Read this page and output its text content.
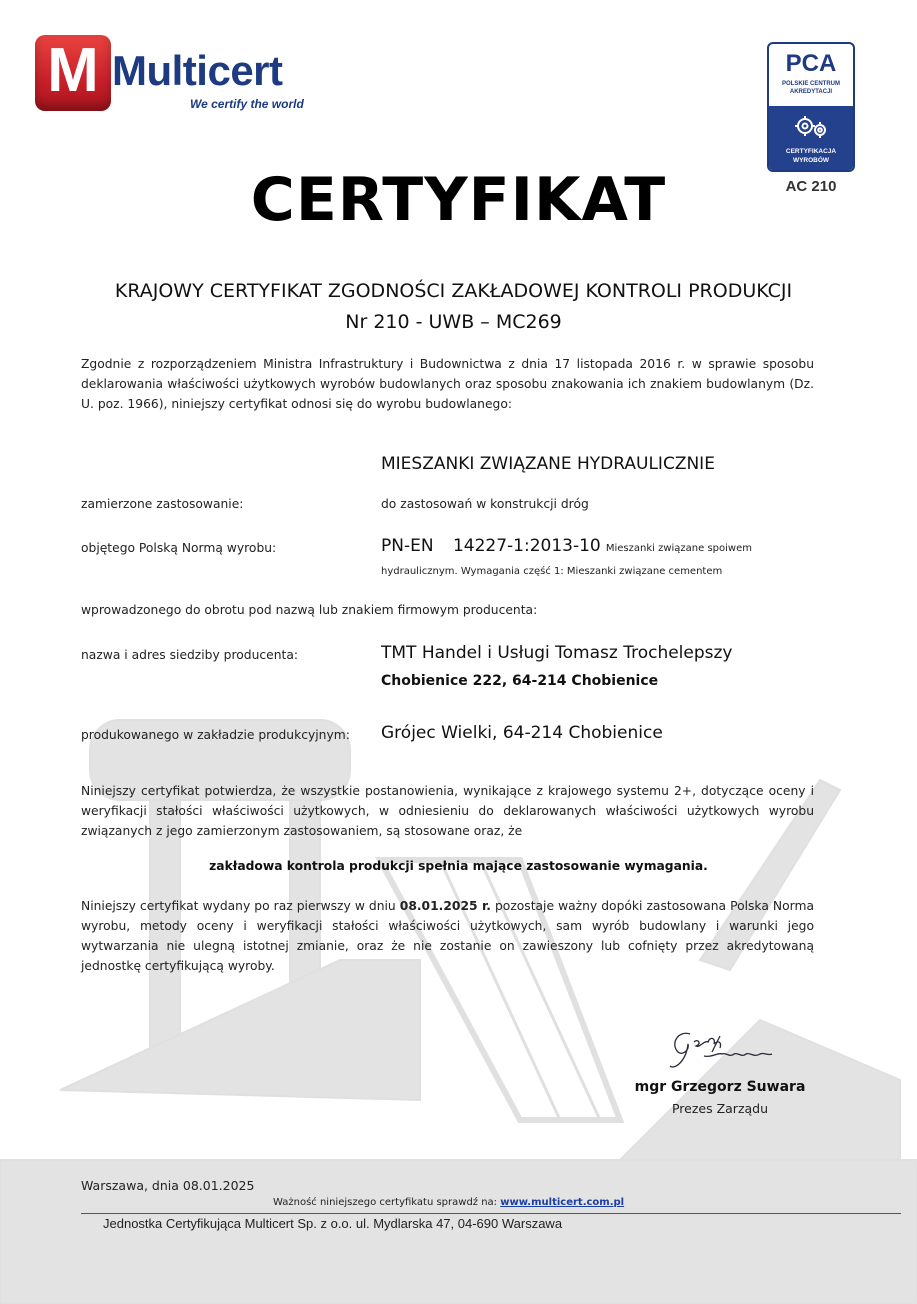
M Multicert
We certify the world
PCA
POLSKIE CENTRUM
AKREDYTACJI
CERTYFIKACJA
WYROBÓW
AC 210
CERTYFIKAT
KRAJOWY CERTYFIKAT ZGODNOŚCI ZAKŁADOWEJ KONTROLI PRODUKCJI
Nr 210 - UWB – MC269
Zgodnie z rozporządzeniem Ministra Infrastruktury i Budownictwa z dnia 17 listopada 2016 r. w sprawie sposobu deklarowania właściwości użytkowych wyrobów budowlanych oraz sposobu znakowania ich znakiem budowlanym (Dz. U. poz. 1966), niniejszy certyfikat odnosi się do wyrobu budowlanego:
MIESZANKI ZWIĄZANE HYDRAULICZNIE
zamierzone zastosowanie:	do zastosowań w konstrukcji dróg
objętego Polską Normą wyrobu:	PN-EN 14227-1:2013-10 Mieszanki związane spoiwem hydraulicznym. Wymagania część 1: Mieszanki związane cementem
wprowadzonego do obrotu pod nazwą lub znakiem firmowym producenta:
nazwa i adres siedziby producenta:	TMT Handel i Usługi Tomasz Trochelepszy
Chobienice 222, 64-214 Chobienice
produkowanego w zakładzie produkcyjnym: Grójec Wielki, 64-214 Chobienice
Niniejszy certyfikat potwierdza, że wszystkie postanowienia, wynikające z krajowego systemu 2+, dotyczące oceny i weryfikacji stałości właściwości użytkowych, w odniesieniu do deklarowanych właściwości użytkowych wyrobu związanych z jego zamierzonym zastosowaniem, są stosowane oraz, że
zakładowa kontrola produkcji spełnia mające zastosowanie wymagania.
Niniejszy certyfikat wydany po raz pierwszy w dniu 08.01.2025 r. pozostaje ważny dopóki zastosowana Polska Norma wyrobu, metody oceny i weryfikacji stałości właściwości użytkowych, sam wyrób budowlany i warunki jego wytwarzania nie ulegną istotnej zmianie, oraz że nie zostanie on zawieszony lub cofnięty przez akredytowaną jednostkę certyfikującą wyroby.
mgr Grzegorz Suwara
Prezes Zarządu
Warszawa, dnia 08.01.2025
Ważność niniejszego certyfikatu sprawdź na: www.multicert.com.pl
Jednostka Certyfikująca Multicert Sp. z o.o. ul. Mydlarska 47, 04-690 Warszawa
